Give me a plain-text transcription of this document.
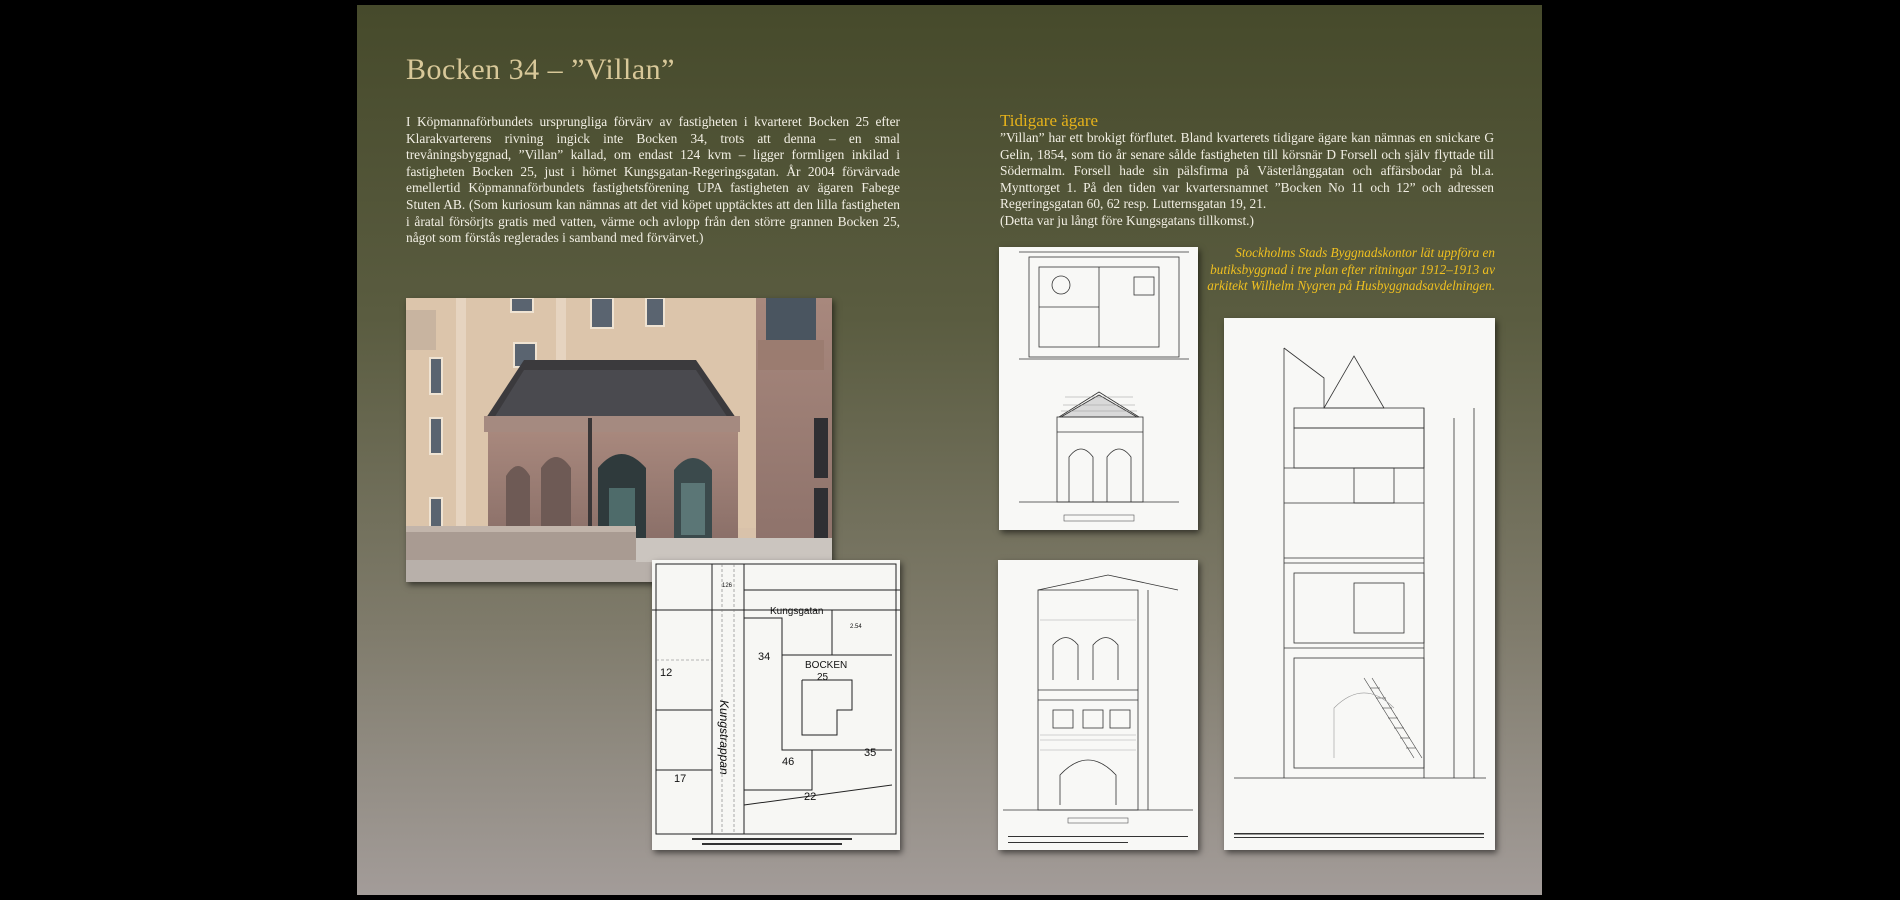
Bocken 34 – ”Villan”

I Köpmannaförbundets ursprungliga förvärv av fastigheten i kvarteret Bocken 25 efter Klarakvarterens rivning ingick inte Bocken 34, trots att denna – en smal trevåningsbyggnad, ”Villan” kallad, om endast 124 kvm – ligger formligen inkilad i fastigheten Bocken 25, just i hörnet Kungsgatan-Regeringsgatan. År 2004 förvärvade emellertid Köpmannaförbundets fastighetsförening UPA fastigheten av ägaren Fabege Stuten AB. (Som kuriosum kan nämnas att det vid köpet upptäcktes att den lilla fastigheten i åratal försörjts gratis med vatten, värme och avlopp från den större grannen Bocken 25, något som förstås reglerades i samband med förvärvet.)

Tidigare ägare

”Villan” har ett brokigt förflutet. Bland kvarterets tidigare ägare kan nämnas en snickare G Gelin, 1854, som tio år senare sålde fastigheten till körsnär D Forsell och själv flyttade till Södermalm. Forsell hade sin pälsfirma på Västerlånggatan och affärsbodar på bl.a. Mynttorget 1. På den tiden var kvartersnamnet ”Bocken No 11 och 12” och adressen Regeringsgatan 60, 62 resp. Lutternsgatan 19, 21.

(Detta var ju långt före Kungsgatans tillkomst.)

Stockholms Stads Byggnadskontor lät uppföra en butiksbyggnad i tre plan efter ritningar 1912–1913 av arkitekt Wilhelm Nygren på Husbyggnadsavdelningen.

Kungsgatan
BOCKEN
25
34
12
17
46
22
35
2.54
126
Kungstrappan
